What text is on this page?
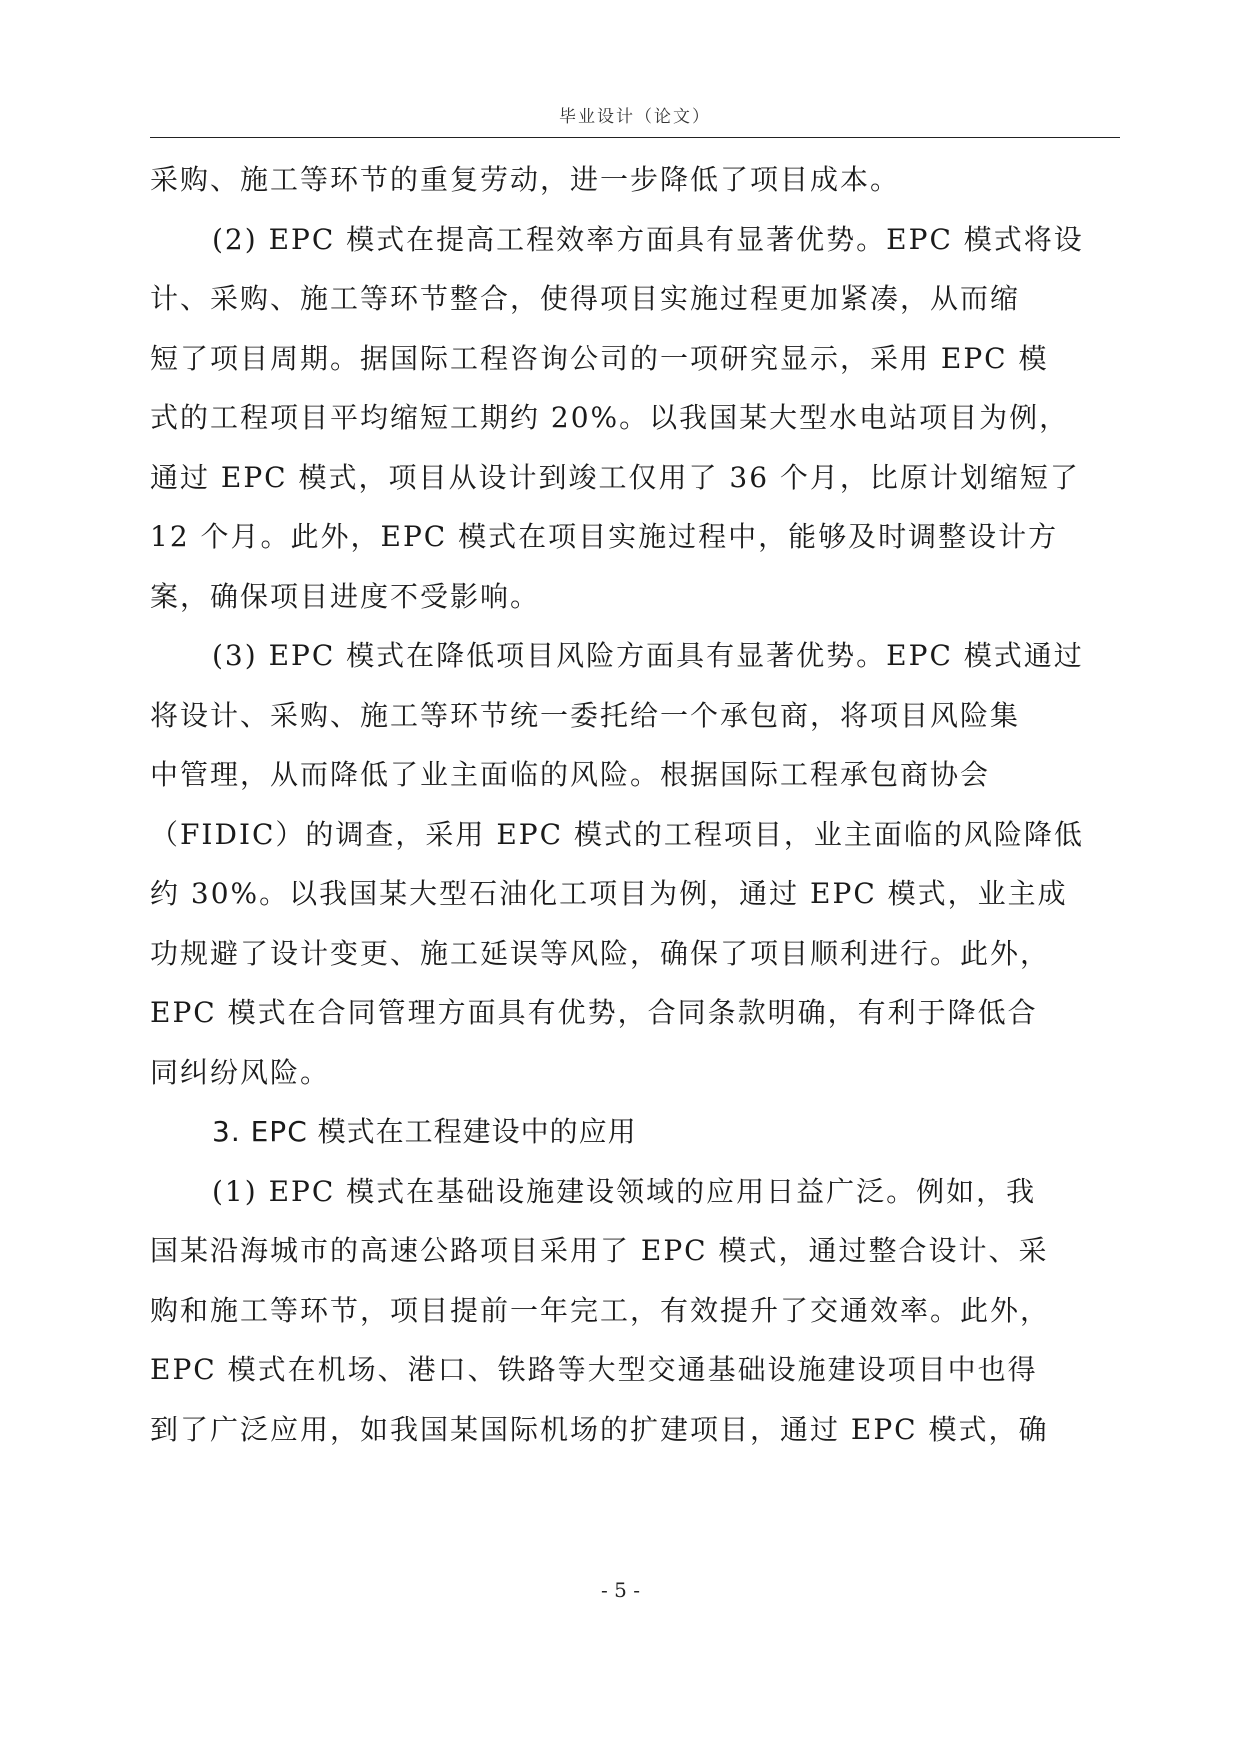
毕业设计（论文）
采购、施工等环节的重复劳动，进一步降低了项目成本。
(2) EPC 模式在提高工程效率方面具有显著优势。EPC 模式将设
计、采购、施工等环节整合，使得项目实施过程更加紧凑，从而缩
短了项目周期。据国际工程咨询公司的一项研究显示，采用 EPC 模
式的工程项目平均缩短工期约 20%。以我国某大型水电站项目为例，
通过 EPC 模式，项目从设计到竣工仅用了 36 个月，比原计划缩短了
12 个月。此外，EPC 模式在项目实施过程中，能够及时调整设计方
案，确保项目进度不受影响。
(3) EPC 模式在降低项目风险方面具有显著优势。EPC 模式通过
将设计、采购、施工等环节统一委托给一个承包商，将项目风险集
中管理，从而降低了业主面临的风险。根据国际工程承包商协会
（FIDIC）的调查，采用 EPC 模式的工程项目，业主面临的风险降低
约 30%。以我国某大型石油化工项目为例，通过 EPC 模式，业主成
功规避了设计变更、施工延误等风险，确保了项目顺利进行。此外，
EPC 模式在合同管理方面具有优势，合同条款明确，有利于降低合
同纠纷风险。
3. EPC 模式在工程建设中的应用
(1) EPC 模式在基础设施建设领域的应用日益广泛。例如，我
国某沿海城市的高速公路项目采用了 EPC 模式，通过整合设计、采
购和施工等环节，项目提前一年完工，有效提升了交通效率。此外，
EPC 模式在机场、港口、铁路等大型交通基础设施建设项目中也得
到了广泛应用，如我国某国际机场的扩建项目，通过 EPC 模式，确
- 5 -
